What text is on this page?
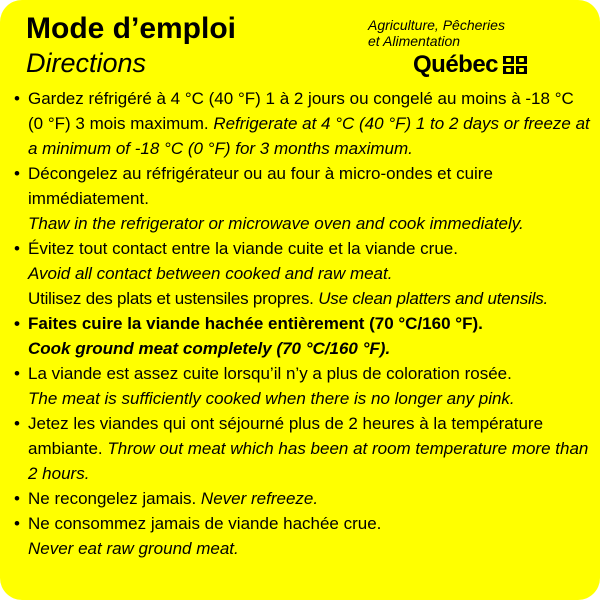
Mode d’emploi
Directions
Agriculture, Pêcheries
et Alimentation
Québec
• Gardez réfrigéré à 4 °C (40 °F) 1 à 2 jours ou congelé au moins à -18 °C (0 °F) 3 mois maximum. Refrigerate at 4 °C (40 °F) 1 to 2 days or freeze at a minimum of -18 °C (0 °F) for 3 months maximum.
• Décongelez au réfrigérateur ou au four à micro-ondes et cuire immédiatement.
Thaw in the refrigerator or microwave oven and cook immediately.
• Évitez tout contact entre la viande cuite et la viande crue.
Avoid all contact between cooked and raw meat.
Utilisez des plats et ustensiles propres. Use clean platters and utensils.
• Faites cuire la viande hachée entièrement (70 °C/160 °F).
Cook ground meat completely (70 °C/160 °F).
• La viande est assez cuite lorsqu’il n’y a plus de coloration rosée.
The meat is sufficiently cooked when there is no longer any pink.
• Jetez les viandes qui ont séjourné plus de 2 heures à la température ambiante. Throw out meat which has been at room temperature more than 2 hours.
• Ne recongelez jamais. Never refreeze.
• Ne consommez jamais de viande hachée crue.
Never eat raw ground meat.
